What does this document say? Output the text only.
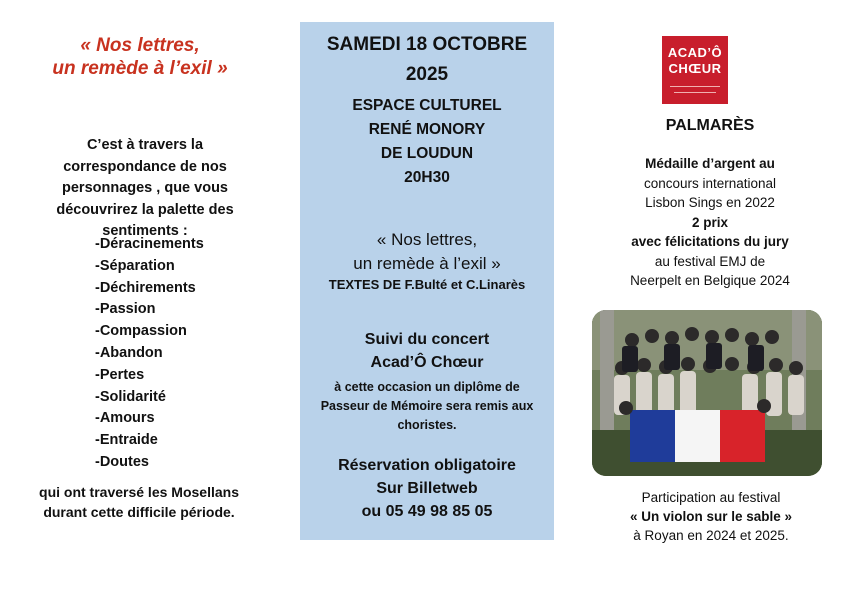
« Nos lettres,
un remède à l’exil »
C’est à travers la
correspondance de nos
personnages , que vous
découvrirez la palette des
sentiments :
-Déracinements
-Séparation
-Déchirements
-Passion
-Compassion
-Abandon
-Pertes
-Solidarité
-Amours
-Entraide
-Doutes
qui ont traversé les Mosellans
durant cette difficile période.
SAMEDI 18 OCTOBRE
2025
ESPACE CULTUREL
RENÉ MONORY
DE LOUDUN
20H30
« Nos lettres,
un remède à l’exil »
TEXTES DE F.Bulté et C.Linarès
Suivi du concert
Acad’Ô Chœur
à cette occasion un diplôme de
Passeur de Mémoire sera remis aux
choristes.
Réservation obligatoire
Sur Billetweb
ou 05 49 98 85 05
ACAD’Ô
CHŒUR
PALMARÈS
Médaille d’argent au
concours international
Lisbon Sings en 2022
2 prix
avec félicitations du jury
au festival EMJ de
Neerpelt en Belgique 2024
Participation au festival
« Un violon sur le sable »
à Royan en 2024 et 2025.
